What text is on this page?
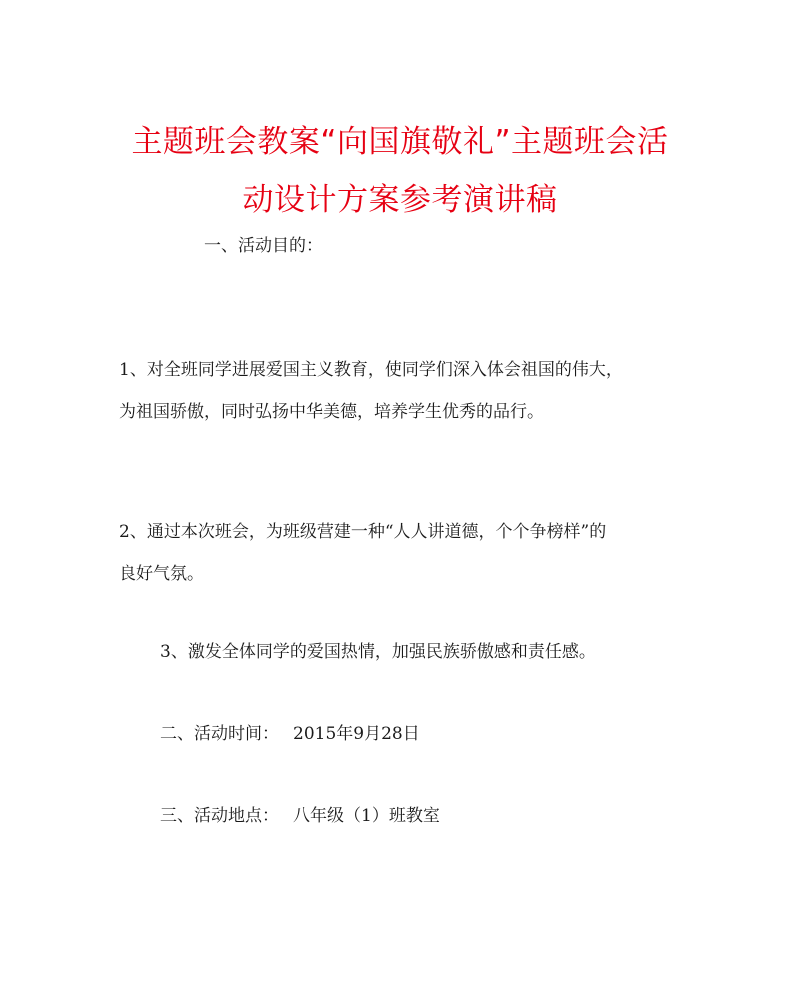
主题班会教案“向国旗敬礼”主题班会活
动设计方案参考演讲稿
一、活动目的：
1、对全班同学进展爱国主义教育，使同学们深入体会祖国的伟大，
为祖国骄傲，同时弘扬中华美德，培养学生优秀的品行。
2、通过本次班会，为班级营建一种“人人讲道德，个个争榜样”的
良好气氛。
3、激发全体同学的爱国热情，加强民族骄傲感和责任感。
二、活动时间： 2015年9月28日
三、活动地点： 八年级（1）班教室
